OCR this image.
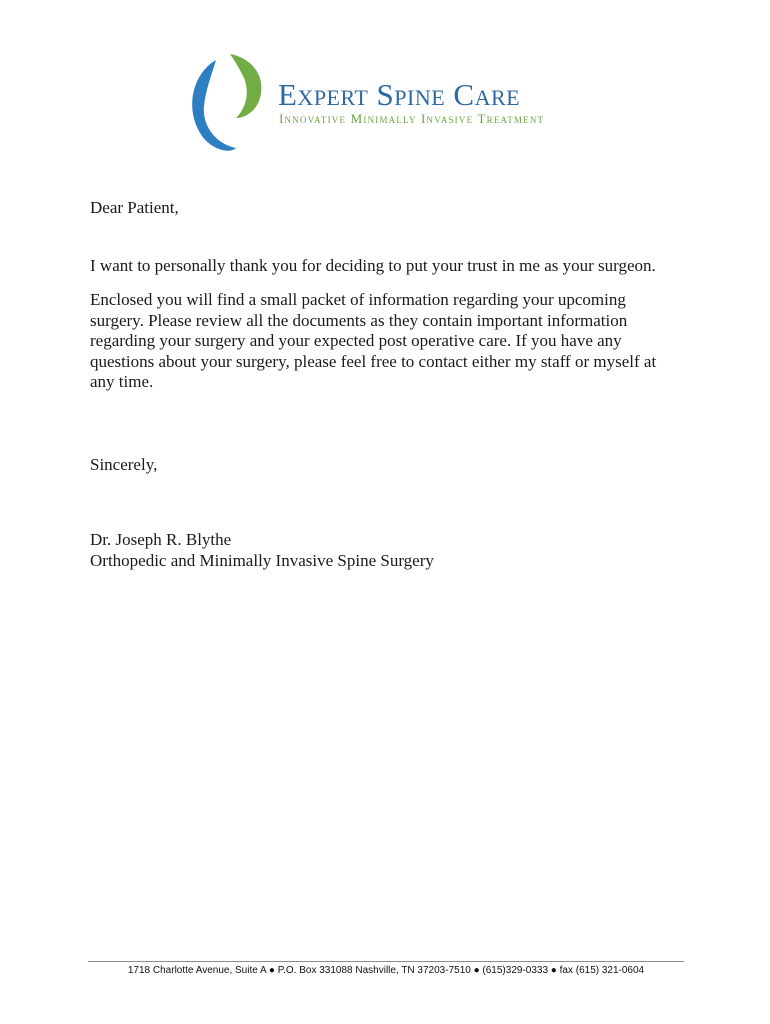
Expert Spine Care
Innovative Minimally Invasive Treatment

Dear Patient,

I want to personally thank you for deciding to put your trust in me as your surgeon.

Enclosed you will find a small packet of information regarding your upcoming surgery. Please review all the documents as they contain important information regarding your surgery and your expected post operative care. If you have any questions about your surgery, please feel free to contact either my staff or myself at any time.

Sincerely,

Dr. Joseph R. Blythe

Orthopedic and Minimally Invasive Spine Surgery

1718 Charlotte Avenue, Suite A ● P.O. Box 331088 Nashville, TN 37203-7510 ● (615)329-0333 ● fax (615) 321-0604
